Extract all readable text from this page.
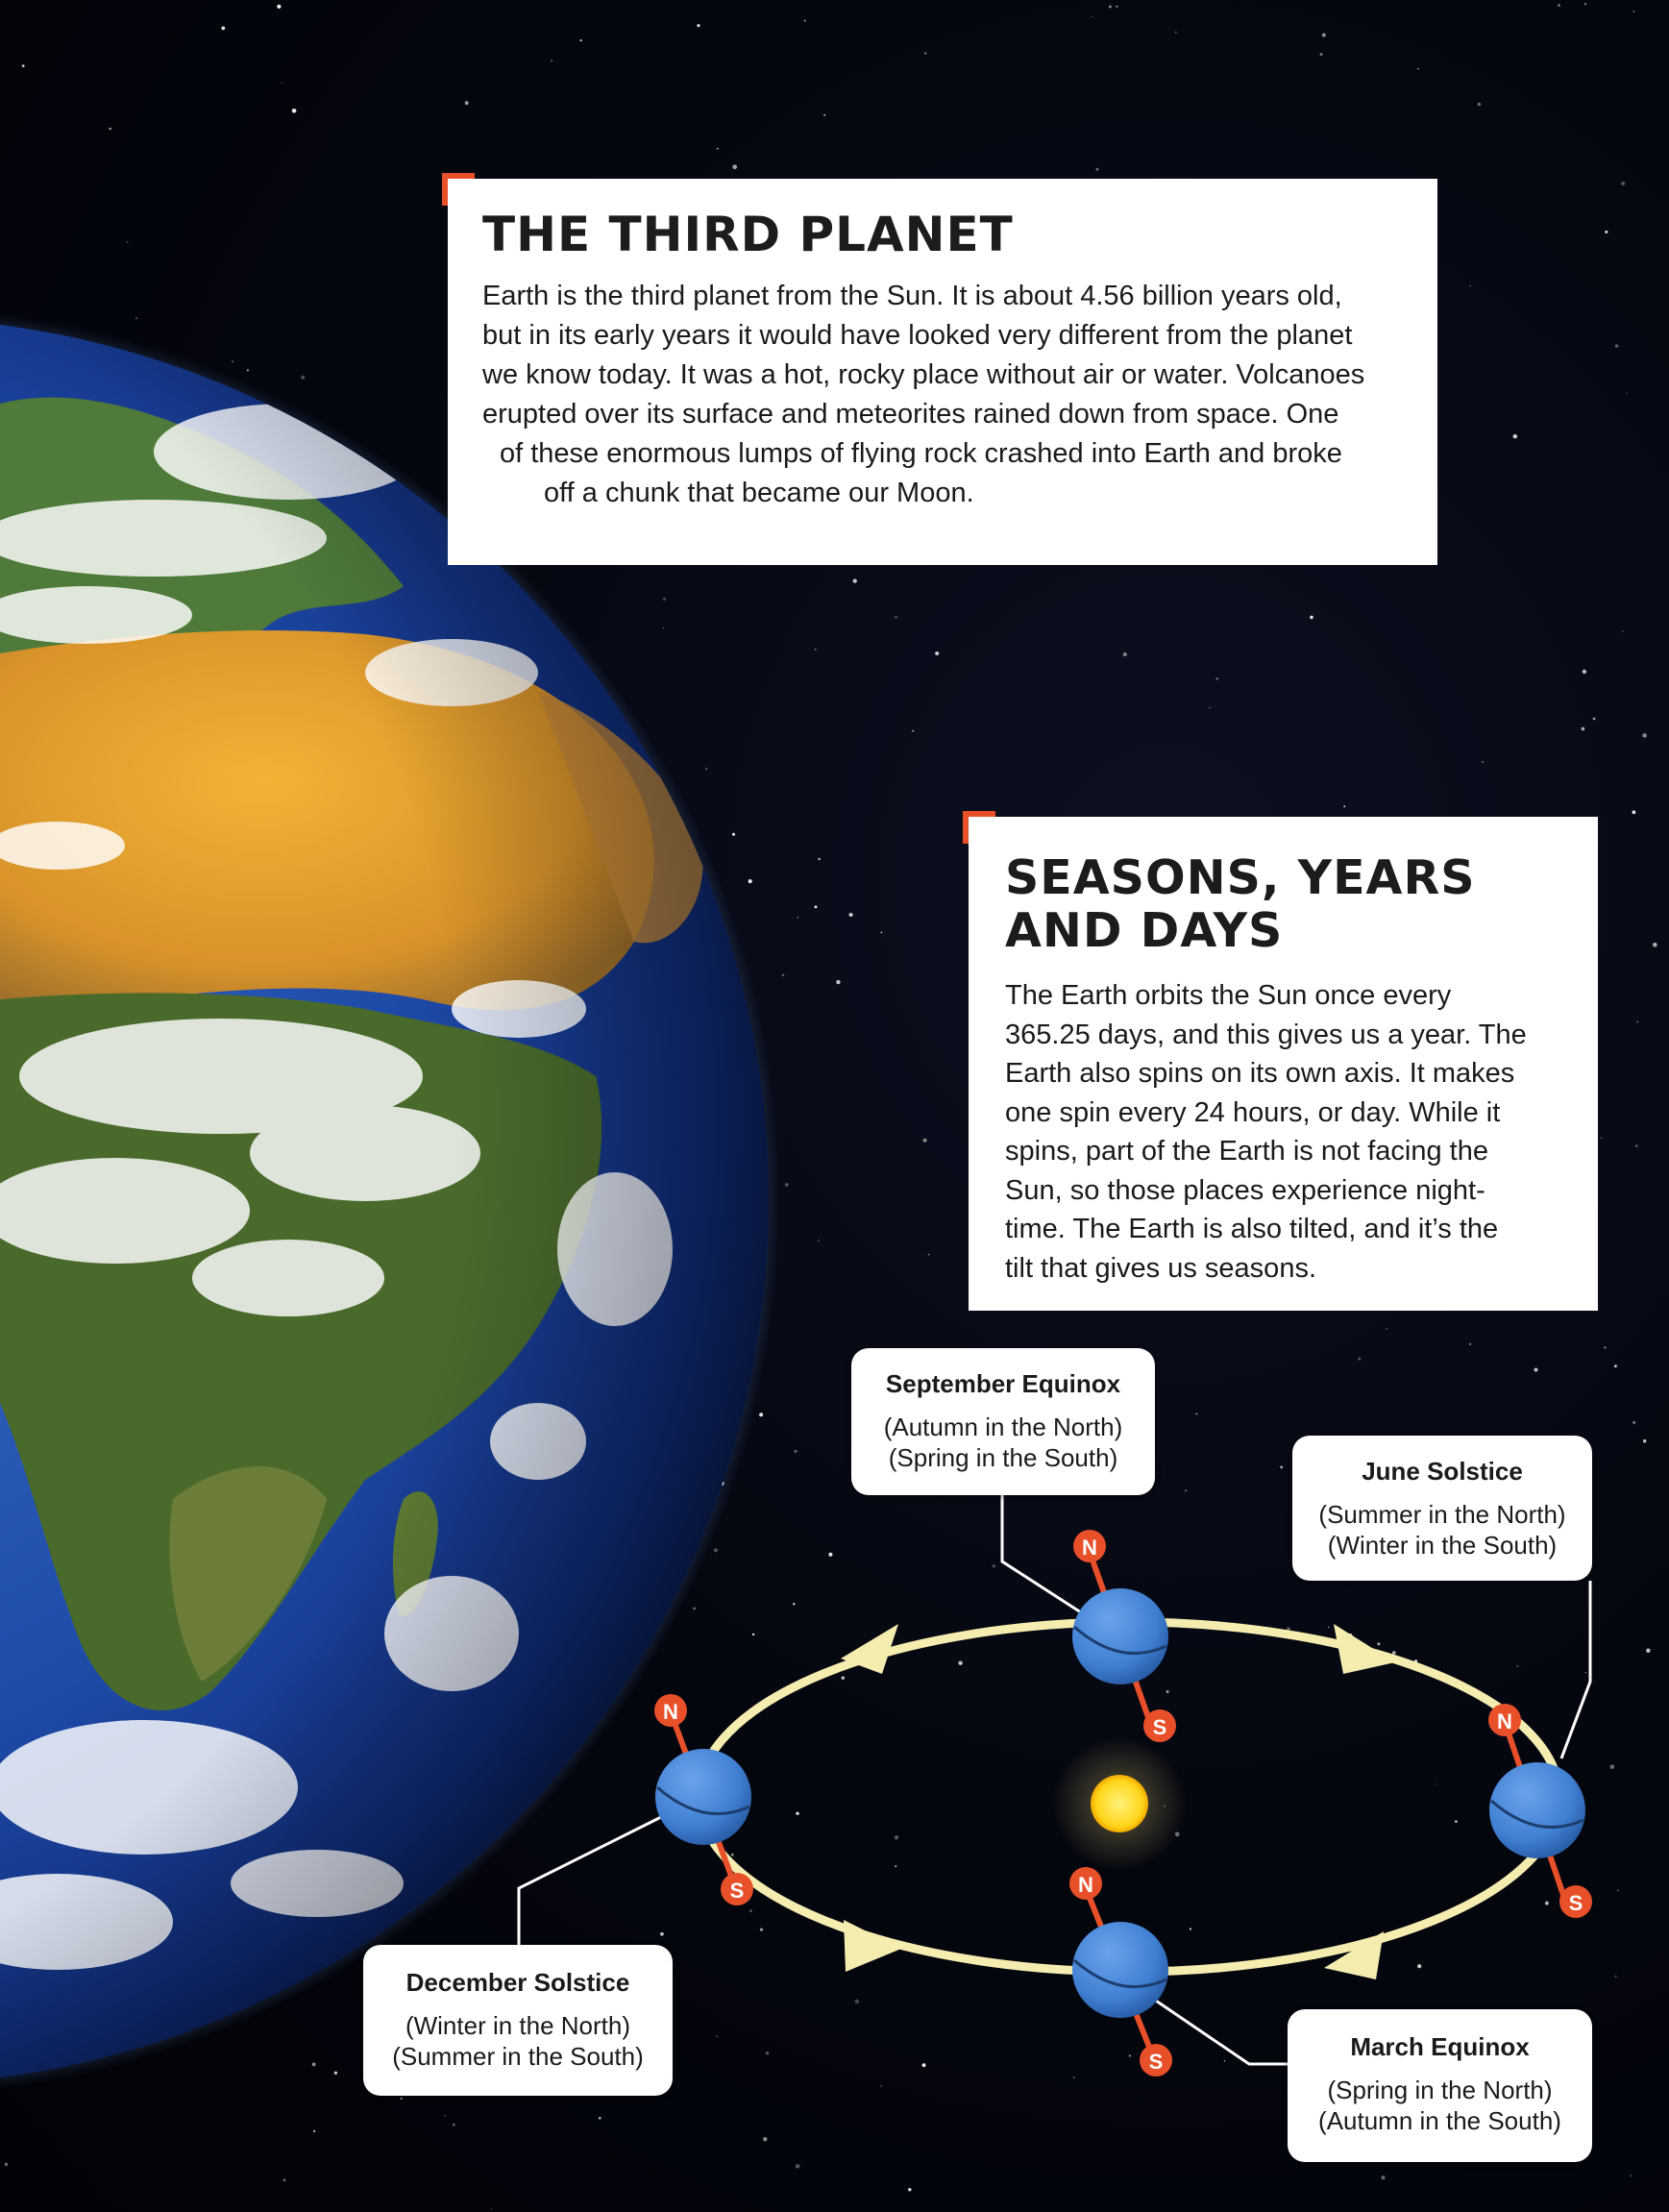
THE THIRD PLANET

Earth is the third planet from the Sun. It is about 4.56 billion years old,
but in its early years it would have looked very different from the planet
we know today. It was a hot, rocky place without air or water. Volcanoes
erupted over its surface and meteorites rained down from space. One
of these enormous lumps of flying rock crashed into Earth and broke
off a chunk that became our Moon.

SEASONS, YEARS
AND DAYS

The Earth orbits the Sun once every
365.25 days, and this gives us a year. The
Earth also spins on its own axis. It makes
one spin every 24 hours, or day. While it
spins, part of the Earth is not facing the
Sun, so those places experience night-
time. The Earth is also tilted, and it’s the
tilt that gives us seasons.

N
S	N
S
N
S	N
S
September Equinox
(Autumn in the North)
(Spring in the South)	June Solstice
(Summer in the North)
(Winter in the South)
December Solstice
(Winter in the North)
(Summer in the South)	March Equinox
(Spring in the North)
(Autumn in the South)
